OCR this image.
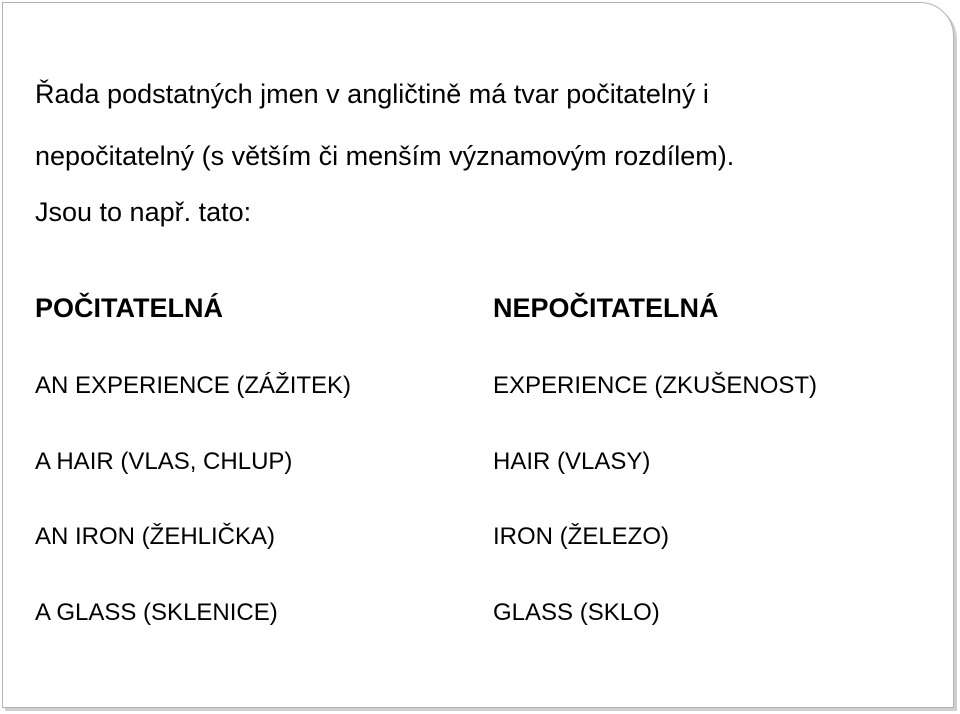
Řada podstatných jmen v angličtině má tvar počitatelný i
nepočitatelný (s větším či menším významovým rozdílem).
Jsou to např. tato:
POČITATELNÁ	NEPOČITATELNÁ
AN EXPERIENCE (ZÁŽITEK)
A HAIR (VLAS, CHLUP)
AN IRON (ŽEHLIČKA)
A GLASS (SKLENICE)
EXPERIENCE (ZKUŠENOST)
HAIR (VLASY)
IRON (ŽELEZO)
GLASS (SKLO)
